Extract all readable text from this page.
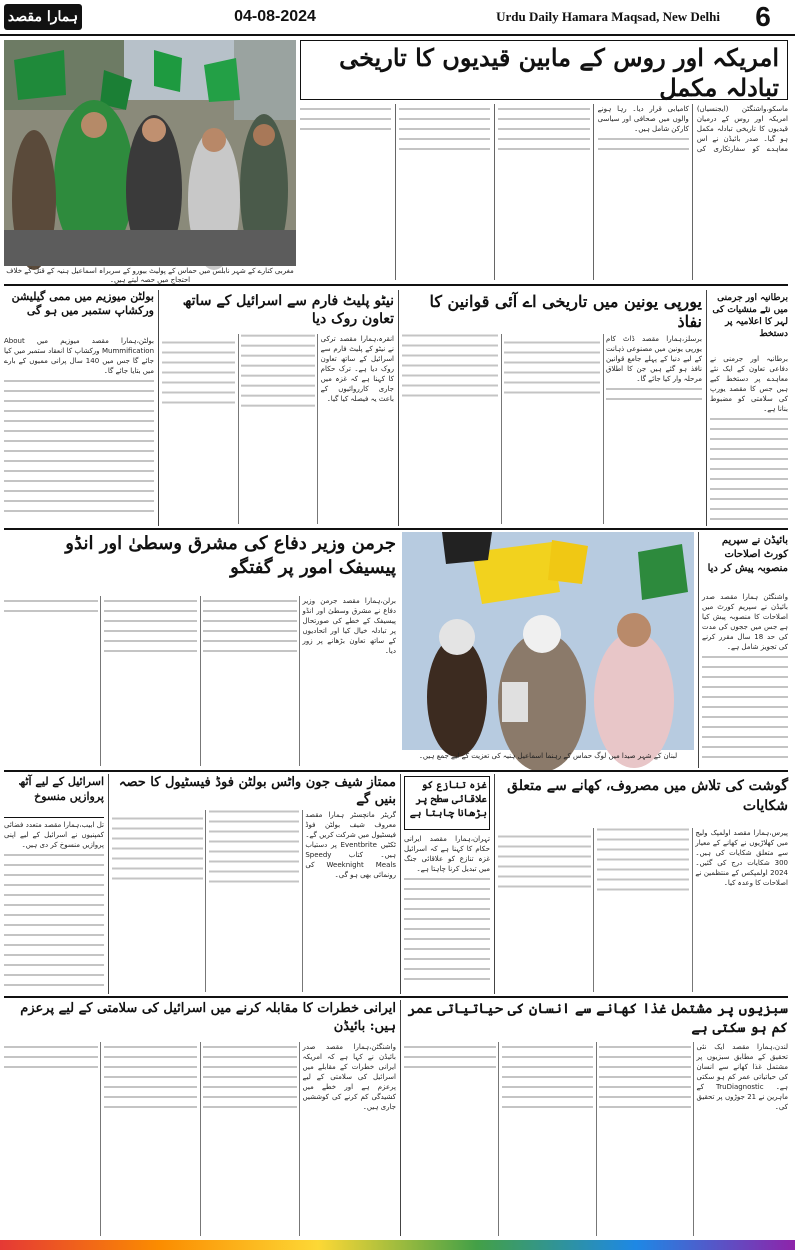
ہمارا مقصد	04-08-2024	Urdu Daily Hamara Maqsad, New Delhi	6
مغربی کنارے کے شہر نابلس میں حماس کے پولیٹ بیورو کے سربراہ اسماعیل ہنیہ کے قتل کے خلاف احتجاج میں حصہ لیتے ہیں۔
امریکہ اور روس کے مابین قیدیوں کا تاریخی تبادلہ مکمل
ماسکو،واشنگٹن (ایجنسیاں) امریکہ اور روس کے درمیان قیدیوں کا تاریخی تبادلہ مکمل ہو گیا۔ صدر بائیڈن نے اس معاہدے کو سفارتکاری کی کامیابی قرار دیا۔ رہا ہونے والوں میں صحافی اور سیاسی کارکن شامل ہیں۔
بولٹن میوزیم میں ممی گیلیشن ورکشاپ ستمبر میں ہو گی
بولٹن،ہمارا مقصد میوزیم میں About Mummification ورکشاپ کا انعقاد ستمبر میں کیا جائے گا جس میں 140 سال پرانی ممیوں کے بارے میں بتایا جائے گا۔
نیٹو پلیٹ فارم سے اسرائیل کے ساتھ تعاون روک دیا
انقرہ،ہمارا مقصد ترکی نے نیٹو کے پلیٹ فارم سے اسرائیل کے ساتھ تعاون روک دیا ہے۔ ترک حکام کا کہنا ہے کہ غزہ میں جاری کارروائیوں کے باعث یہ فیصلہ کیا گیا۔
یورپی یونین میں تاریخی اے آئی قوانین کا نفاذ
برسلز،ہمارا مقصد ڈاٹ کام یورپی یونین میں مصنوعی ذہانت کے لیے دنیا کے پہلے جامع قوانین نافذ ہو گئے ہیں جن کا اطلاق مرحلہ وار کیا جائے گا۔
برطانیہ اور جرمنی میں نئے منشیات کی لہر کا اعلامیہ پر دستخط
برطانیہ اور جرمنی نے دفاعی تعاون کے ایک نئے معاہدے پر دستخط کیے ہیں جس کا مقصد یورپ کی سلامتی کو مضبوط بنانا ہے۔
جرمن وزیر دفاع کی مشرق وسطیٰ اور انڈو پیسیفک امور پر گفتگو
برلن،ہمارا مقصد جرمن وزیر دفاع نے مشرق وسطیٰ اور انڈو پیسیفک کے خطے کی صورتحال پر تبادلہ خیال کیا اور اتحادیوں کے ساتھ تعاون بڑھانے پر زور دیا۔
لبنان کے شہر صیدا میں لوگ حماس کے رہنما اسماعیل ہنیہ کی تعزیت کے لیے جمع ہیں۔
بائیڈن نے سپریم کورٹ اصلاحات منصوبہ پیش کر دیا
واشنگٹن ہمارا مقصد صدر بائیڈن نے سپریم کورٹ میں اصلاحات کا منصوبہ پیش کیا ہے جس میں ججوں کی مدت کی حد 18 سال مقرر کرنے کی تجویز شامل ہے۔
اسرائیل کے لیے آٹھ پروازیں منسوخ
تل ابیب،ہمارا مقصد متعدد فضائی کمپنیوں نے اسرائیل کے لیے اپنی پروازیں منسوخ کر دی ہیں۔
ممتاز شیف جون واٹس بولٹن فوڈ فیسٹیول کا حصہ بنیں گے
گریٹر مانچسٹر ہمارا مقصد معروف شیف بولٹن فوڈ فیسٹیول میں شرکت کریں گے۔ ٹکٹیں Eventbrite پر دستیاب ہیں۔ کتاب Speedy Weeknight Meals کی رونمائی بھی ہو گی۔
غزہ تنازع کو علاقائی سطح پر بڑھانا چاہتا ہے
تہران،ہمارا مقصد ایرانی حکام کا کہنا ہے کہ اسرائیل غزہ تنازع کو علاقائی جنگ میں تبدیل کرنا چاہتا ہے۔
گوشت کی تلاش میں مصروف، کھانے سے متعلق شکایات
پیرس،ہمارا مقصد اولمپک ولیج میں کھلاڑیوں نے کھانے کے معیار سے متعلق شکایات کی ہیں۔ 300 شکایات درج کی گئیں۔ 2024 اولمپکس کے منتظمین نے اصلاحات کا وعدہ کیا۔
ایرانی خطرات کا مقابلہ کرنے میں اسرائیل کی سلامتی کے لیے پرعزم ہیں: بائیڈن
واشنگٹن،ہمارا مقصد صدر بائیڈن نے کہا ہے کہ امریکہ ایرانی خطرات کے مقابلے میں اسرائیل کی سلامتی کے لیے پرعزم ہے اور خطے میں کشیدگی کم کرنے کی کوششیں جاری ہیں۔
سبزیوں پر مشتمل غذا کھانے سے انسان کی حیاتیاتی عمر کم ہو سکتی ہے
لندن،ہمارا مقصد ایک نئی تحقیق کے مطابق سبزیوں پر مشتمل غذا کھانے سے انسان کی حیاتیاتی عمر کم ہو سکتی ہے۔ TruDiagnostic کے ماہرین نے 21 جوڑوں پر تحقیق کی۔
